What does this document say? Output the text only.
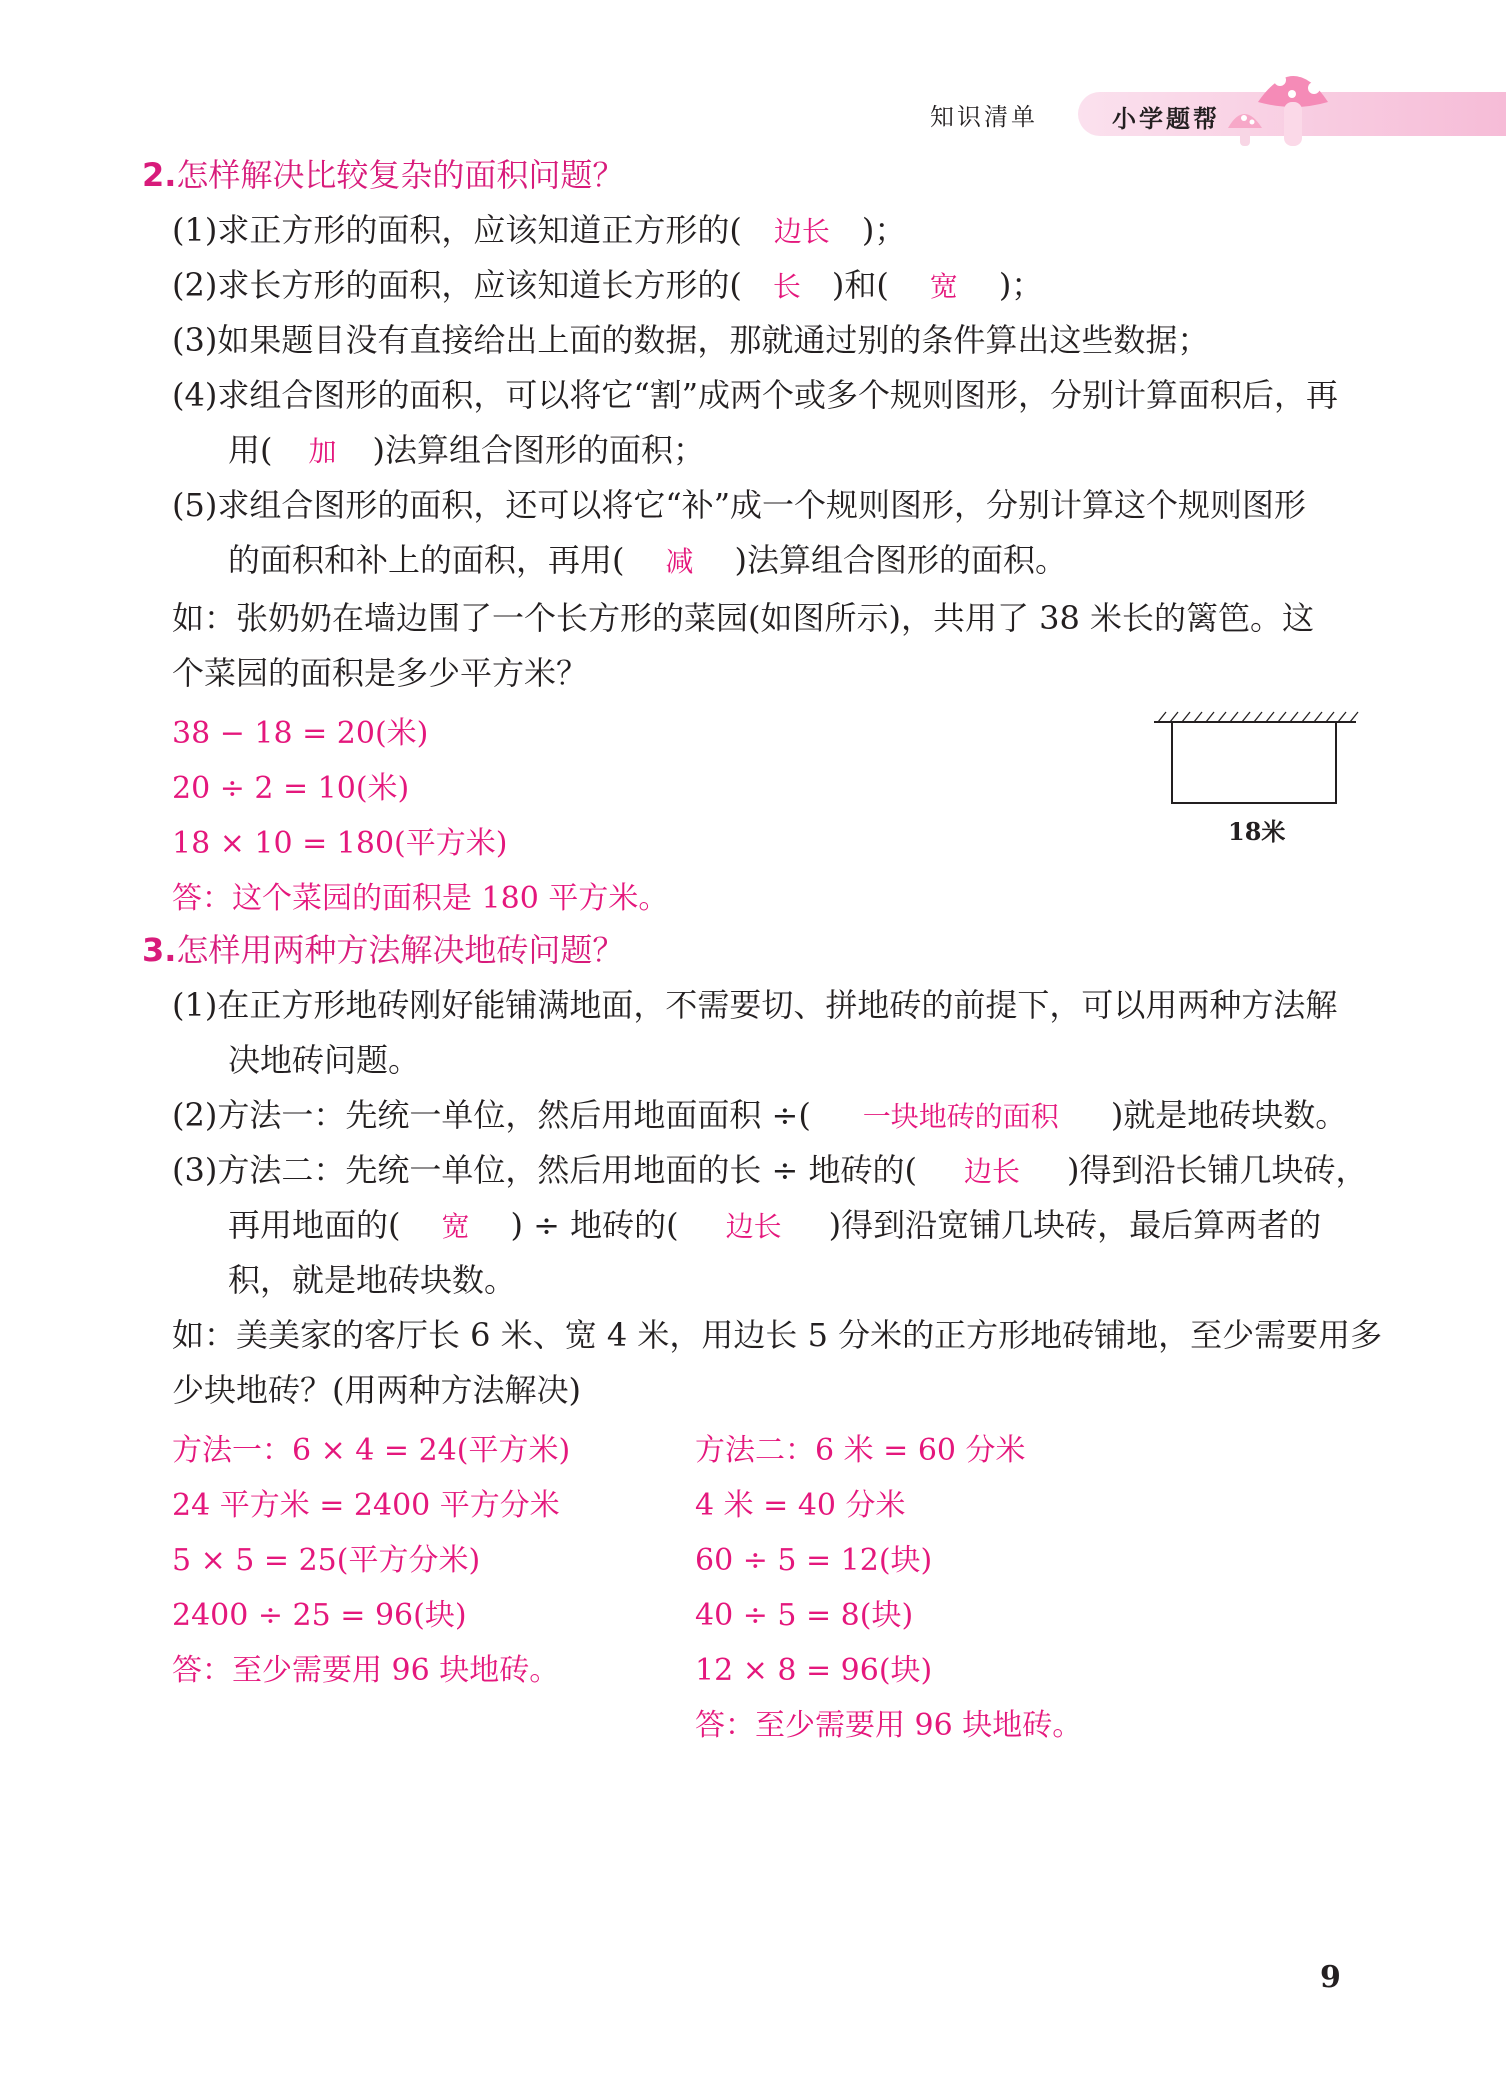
知识清单	小学题帮
2.怎样解决比较复杂的面积问题？
(1)求正方形的面积，应该知道正方形的( 边长 )；
(2)求长方形的面积，应该知道长方形的( 长 )和( 宽 )；
(3)如果题目没有直接给出上面的数据，那就通过别的条件算出这些数据；
(4)求组合图形的面积，可以将它“割”成两个或多个规则图形，分别计算面积后，再
用( 加 )法算组合图形的面积；
(5)求组合图形的面积，还可以将它“补”成一个规则图形，分别计算这个规则图形
的面积和补上的面积，再用( 减 )法算组合图形的面积。
如：张奶奶在墙边围了一个长方形的菜园(如图所示)，共用了 38 米长的篱笆。这
个菜园的面积是多少平方米？
38 − 18 = 20(米)
20 ÷ 2 = 10(米)
18 × 10 = 180(平方米)
答：这个菜园的面积是 180 平方米。
18米
3.怎样用两种方法解决地砖问题？
(1)在正方形地砖刚好能铺满地面，不需要切、拼地砖的前提下，可以用两种方法解
决地砖问题。
(2)方法一：先统一单位，然后用地面面积 ÷( 一块地砖的面积 )就是地砖块数。
(3)方法二：先统一单位，然后用地面的长 ÷ 地砖的( 边长 )得到沿长铺几块砖，
再用地面的( 宽 ) ÷ 地砖的( 边长 )得到沿宽铺几块砖，最后算两者的
积，就是地砖块数。
如：美美家的客厅长 6 米、宽 4 米，用边长 5 分米的正方形地砖铺地，至少需要用多
少块地砖？(用两种方法解决)
方法一：6 × 4 = 24(平方米)
24 平方米 = 2400 平方分米
5 × 5 = 25(平方分米)
2400 ÷ 25 = 96(块)
答：至少需要用 96 块地砖。
方法二：6 米 = 60 分米
4 米 = 40 分米
60 ÷ 5 = 12(块)
40 ÷ 5 = 8(块)
12 × 8 = 96(块)
答：至少需要用 96 块地砖。
9
